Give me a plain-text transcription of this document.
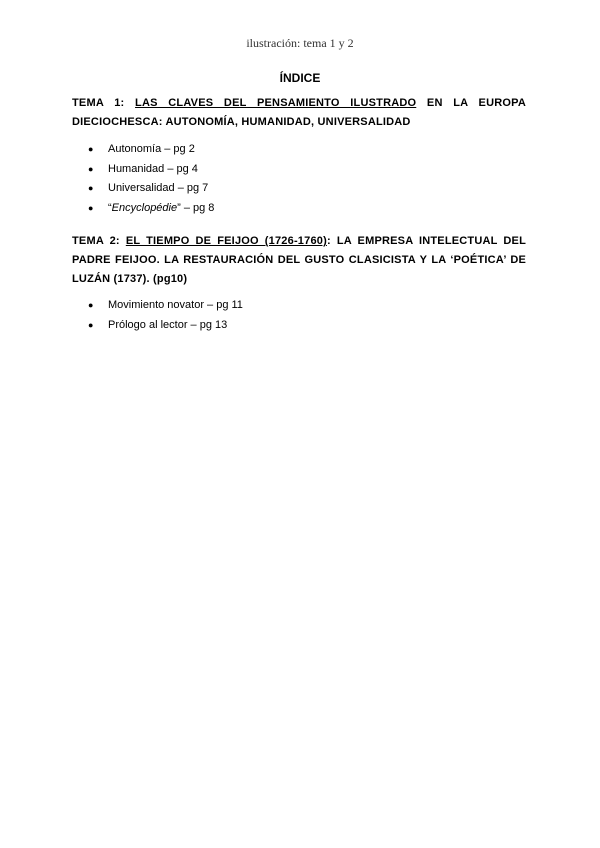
ilustración: tema 1 y 2
ÍNDICE

TEMA 1: LAS CLAVES DEL PENSAMIENTO ILUSTRADO EN LA EUROPA DIECIOCHESCA: AUTONOMÍA, HUMANIDAD, UNIVERSALIDAD

● Autonomía – pg 2
● Humanidad – pg 4
● Universalidad – pg 7
● “Encyclopédie” – pg 8

TEMA 2: EL TIEMPO DE FEIJOO (1726-1760): LA EMPRESA INTELECTUAL DEL PADRE FEIJOO. LA RESTAURACIÓN DEL GUSTO CLASICISTA Y LA ‘POÉTICA’ DE LUZÁN (1737). (pg10)

● Movimiento novator – pg 11
● Prólogo al lector – pg 13
